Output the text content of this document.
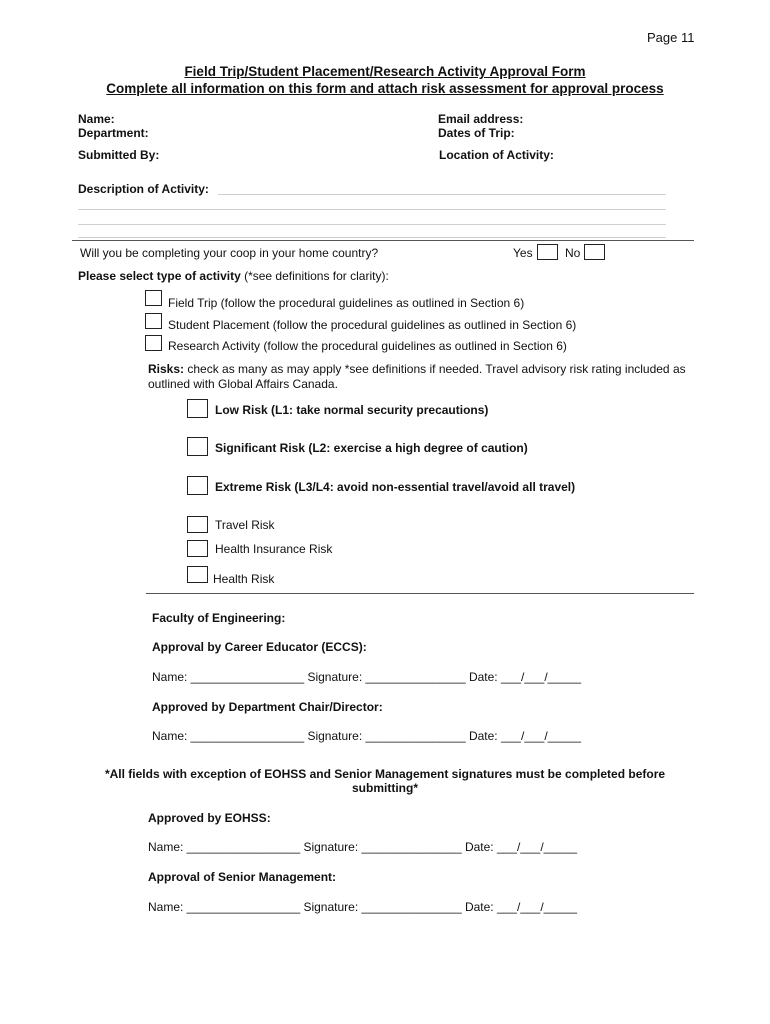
Page 11
Field Trip/Student Placement/Research Activity Approval Form
Complete all information on this form and attach risk assessment for approval process
Name:
Department:
Submitted By:
Email address:
Dates of Trip:
Location of Activity:
Description of Activity:
Will you be completing your coop in your home country?	Yes	No
Please select type of activity (*see definitions for clarity):
Field Trip (follow the procedural guidelines as outlined in Section 6)
Student Placement (follow the procedural guidelines as outlined in Section 6)
Research Activity (follow the procedural guidelines as outlined in Section 6)
Risks: check as many as may apply *see definitions if needed. Travel advisory risk rating included as
outlined with Global Affairs Canada.
Low Risk (L1: take normal security precautions)
Significant Risk (L2: exercise a high degree of caution)
Extreme Risk (L3/L4: avoid non-essential travel/avoid all travel)
Travel Risk
Health Insurance Risk
Health Risk
Faculty of Engineering:
Approval by Career Educator (ECCS):
Name: _________________ Signature: _______________ Date: ___/___/_____
Approved by Department Chair/Director:
Name: _________________ Signature: _______________ Date: ___/___/_____
*All fields with exception of EOHSS and Senior Management signatures must be completed before
submitting*
Approved by EOHSS:
Name: _________________ Signature: _______________ Date: ___/___/_____
Approval of Senior Management:
Name: _________________ Signature: _______________ Date: ___/___/_____
